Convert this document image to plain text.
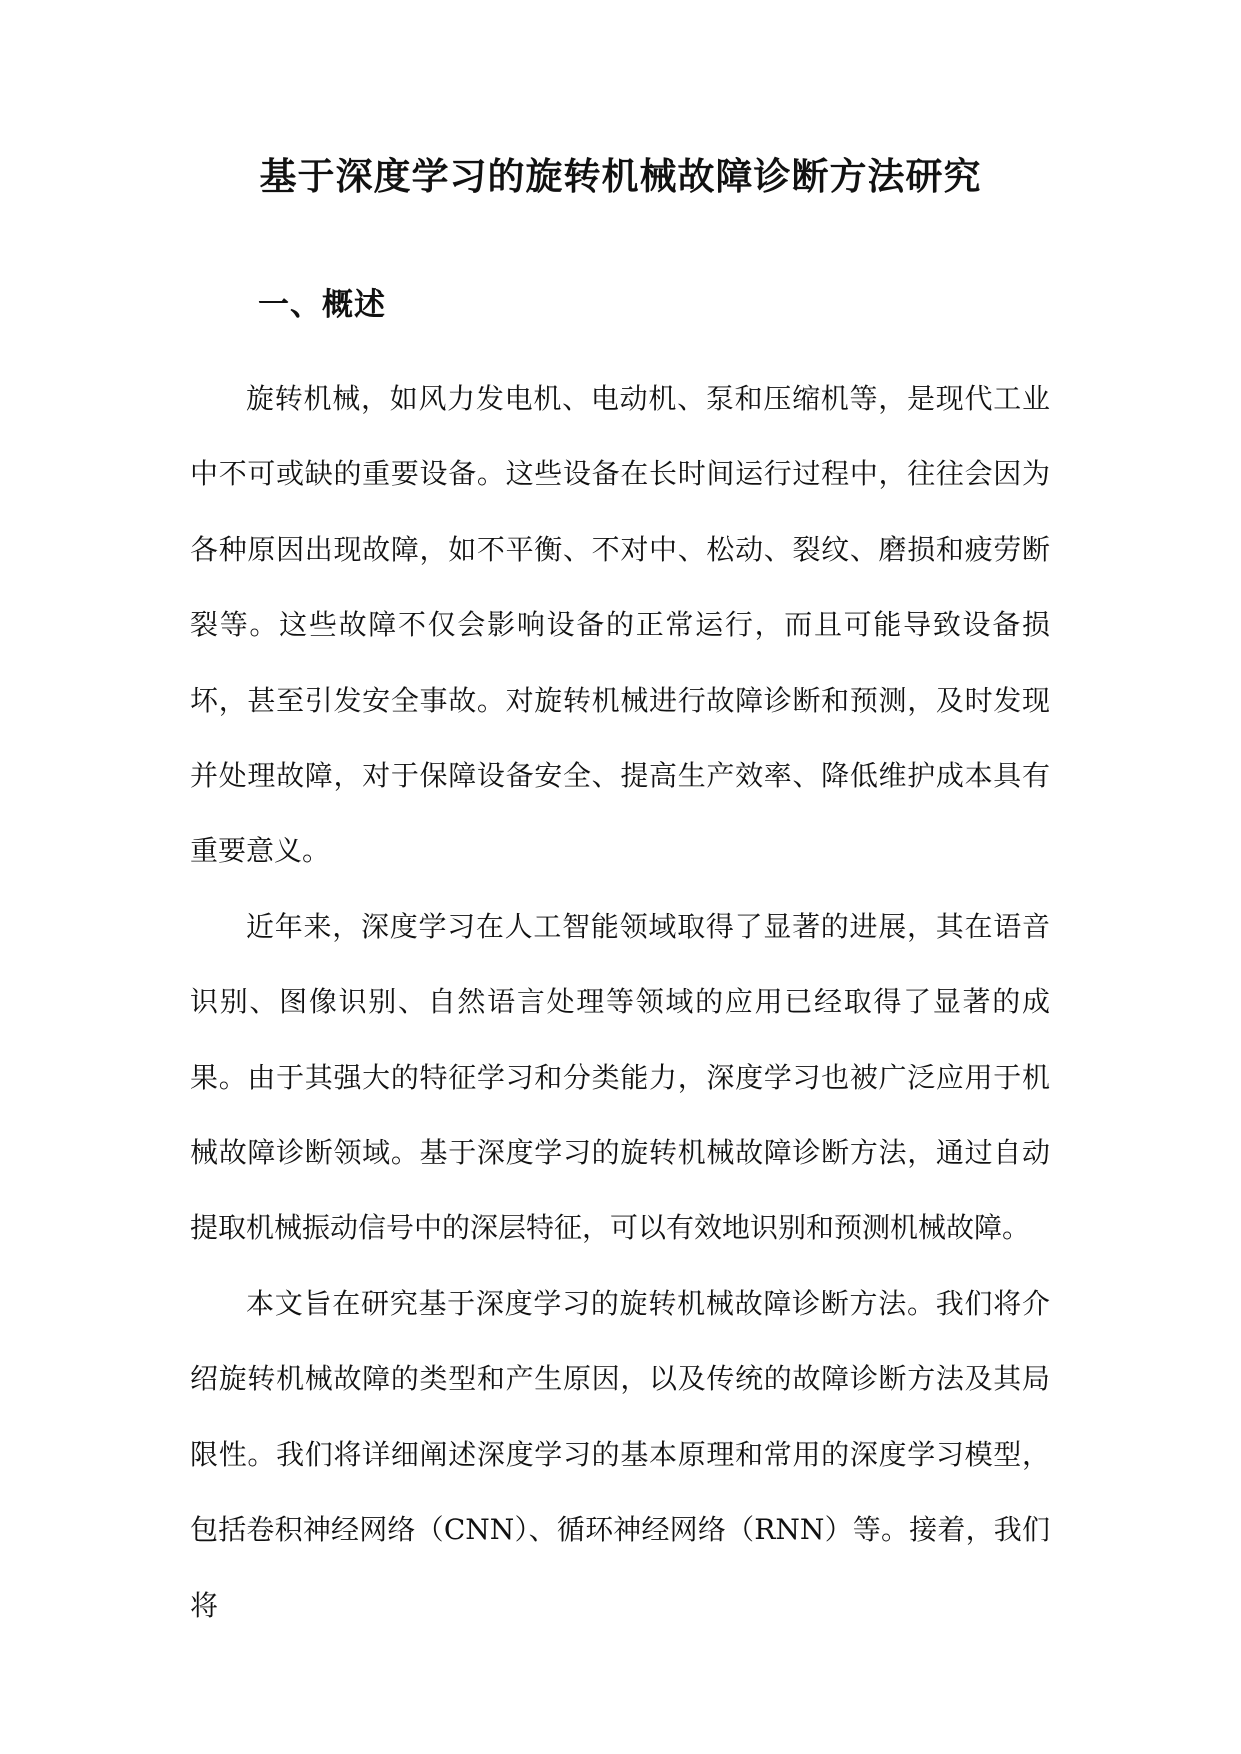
基于深度学习的旋转机械故障诊断方法研究
一、概述

旋转机械，如风力发电机、电动机、泵和压缩机等，是现代工业中不可或缺的重要设备。这些设备在长时间运行过程中，往往会因为各种原因出现故障，如不平衡、不对中、松动、裂纹、磨损和疲劳断裂等。这些故障不仅会影响设备的正常运行，而且可能导致设备损坏，甚至引发安全事故。对旋转机械进行故障诊断和预测，及时发现并处理故障，对于保障设备安全、提高生产效率、降低维护成本具有重要意义。

近年来，深度学习在人工智能领域取得了显著的进展，其在语音识别、图像识别、自然语言处理等领域的应用已经取得了显著的成果。由于其强大的特征学习和分类能力，深度学习也被广泛应用于机械故障诊断领域。基于深度学习的旋转机械故障诊断方法，通过自动提取机械振动信号中的深层特征，可以有效地识别和预测机械故障。

本文旨在研究基于深度学习的旋转机械故障诊断方法。我们将介绍旋转机械故障的类型和产生原因，以及传统的故障诊断方法及其局限性。我们将详细阐述深度学习的基本原理和常用的深度学习模型，包括卷积神经网络（CNN）、循环神经网络（RNN）等。接着，我们将
